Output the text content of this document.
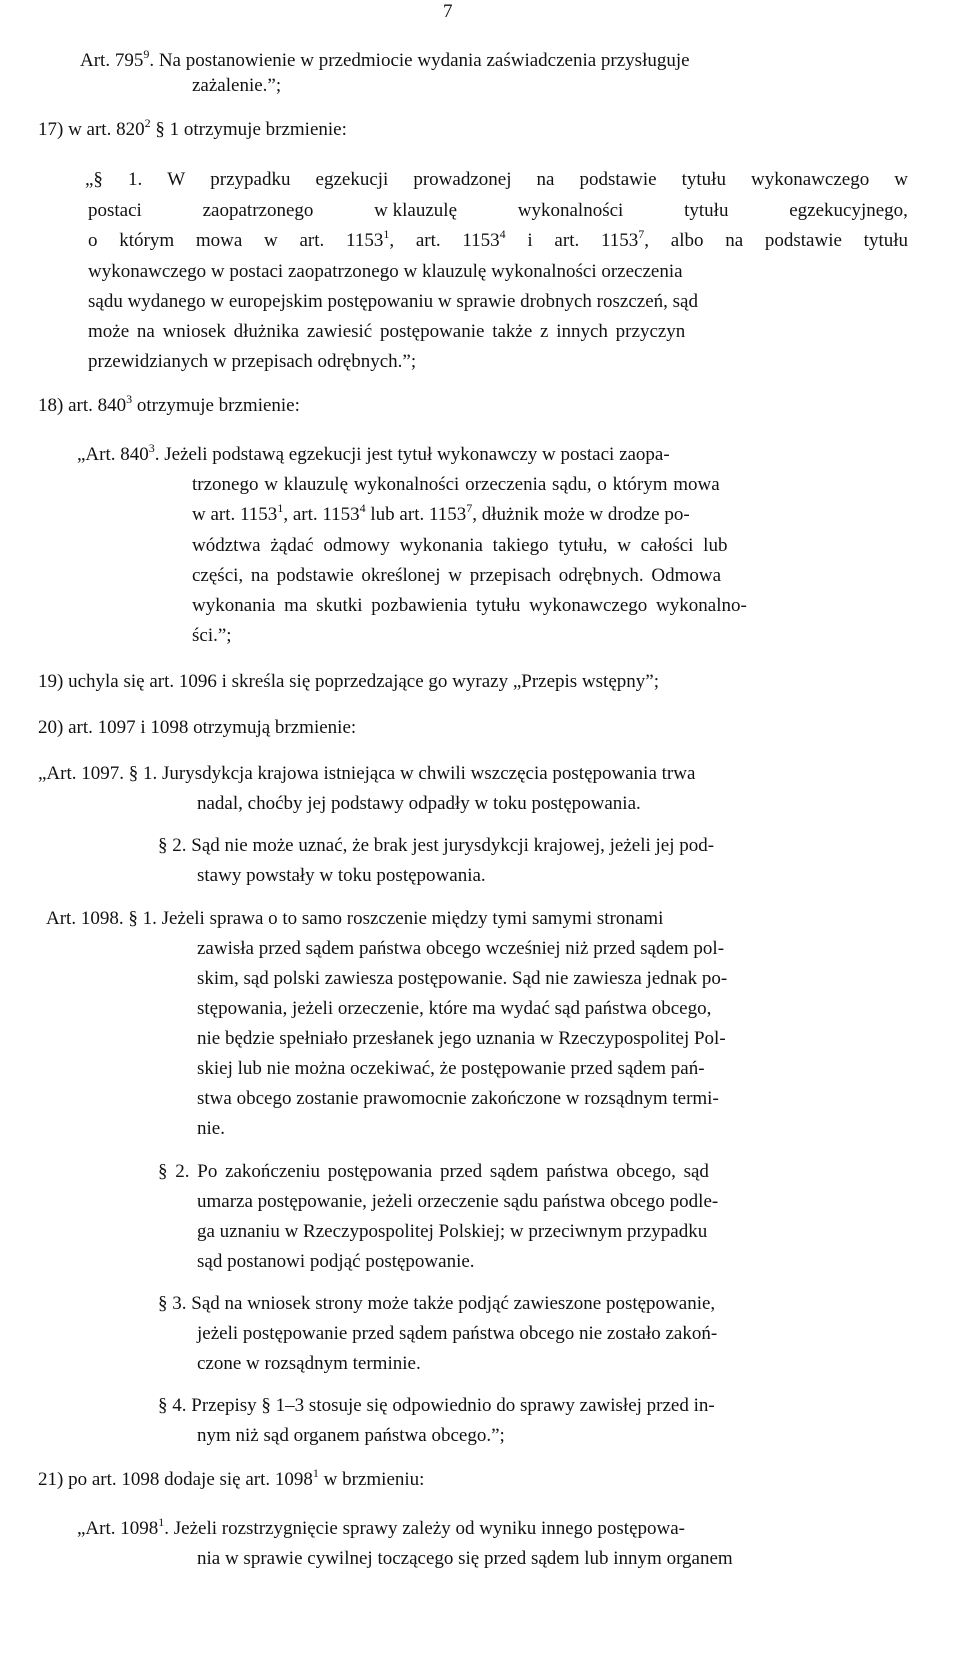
7
Art. $795^9$. Na postanowienie w przedmiocie wydania zaświadczenia przysługuje
zażalenie.”;
17) w art. $820^2$ § 1 otrzymuje brzmienie:
„§ 1. W przypadku egzekucji prowadzonej na podstawie tytułu wykonawczego w
postaci	zaopatrzonego	w klauzulę	wykonalności	tytułu	egzekucyjnego,
o którym mowa w art. 1153$^1$, art. 1153$^4$ i art. 1153$^7$, albo na podstawie tytułu
wykonawczego w postaci zaopatrzonego w klauzulę wykonalności orzeczenia
sądu wydanego w europejskim postępowaniu w sprawie drobnych roszczeń, sąd
może na wniosek dłużnika zawiesić postępowanie także z innych przyczyn
przewidzianych w przepisach odrębnych.”;
18) art. $840^3$ otrzymuje brzmienie:
„Art. $840^3$. Jeżeli podstawą egzekucji jest tytuł wykonawczy w postaci zaopa-
trzonego w klauzulę wykonalności orzeczenia sądu, o którym mowa
w art. 1153$^1$, art. 1153$^4$ lub art. 1153$^7$, dłużnik może w drodze po-
wództwa żądać odmowy wykonania takiego tytułu, w całości lub
części, na podstawie określonej w przepisach odrębnych. Odmowa
wykonania ma skutki pozbawienia tytułu wykonawczego wykonalno-
ści.”;
19) uchyla się art. 1096 i skreśla się poprzedzające go wyrazy „Przepis wstępny”;
20) art. 1097 i 1098 otrzymują brzmienie:
„Art. 1097. § 1. Jurysdykcja krajowa istniejąca w chwili wszczęcia postępowania trwa
nadal, choćby jej podstawy odpadły w toku postępowania.
§ 2. Sąd nie może uznać, że brak jest jurysdykcji krajowej, jeżeli jej pod-
stawy powstały w toku postępowania.
Art. 1098. § 1. Jeżeli sprawa o to samo roszczenie między tymi samymi stronami
zawisła przed sądem państwa obcego wcześniej niż przed sądem pol-
skim, sąd polski zawiesza postępowanie. Sąd nie zawiesza jednak po-
stępowania, jeżeli orzeczenie, które ma wydać sąd państwa obcego,
nie będzie spełniało przesłanek jego uznania w Rzeczypospolitej Pol-
skiej lub nie można oczekiwać, że postępowanie przed sądem pań-
stwa obcego zostanie prawomocnie zakończone w rozsądnym termi-
nie.
§ 2. Po zakończeniu postępowania przed sądem państwa obcego, sąd
umarza postępowanie, jeżeli orzeczenie sądu państwa obcego podle-
ga uznaniu w Rzeczypospolitej Polskiej; w przeciwnym przypadku
sąd postanowi podjąć postępowanie.
§ 3. Sąd na wniosek strony może także podjąć zawieszone postępowanie,
jeżeli postępowanie przed sądem państwa obcego nie zostało zakoń-
czone w rozsądnym terminie.
§ 4. Przepisy § 1–3 stosuje się odpowiednio do sprawy zawisłej przed in-
nym niż sąd organem państwa obcego.”;
21) po art. 1098 dodaje się art. 1098$^1$ w brzmieniu:
„Art. 1098$^1$. Jeżeli rozstrzygnięcie sprawy zależy od wyniku innego postępowa-
nia w sprawie cywilnej toczącego się przed sądem lub innym organem
